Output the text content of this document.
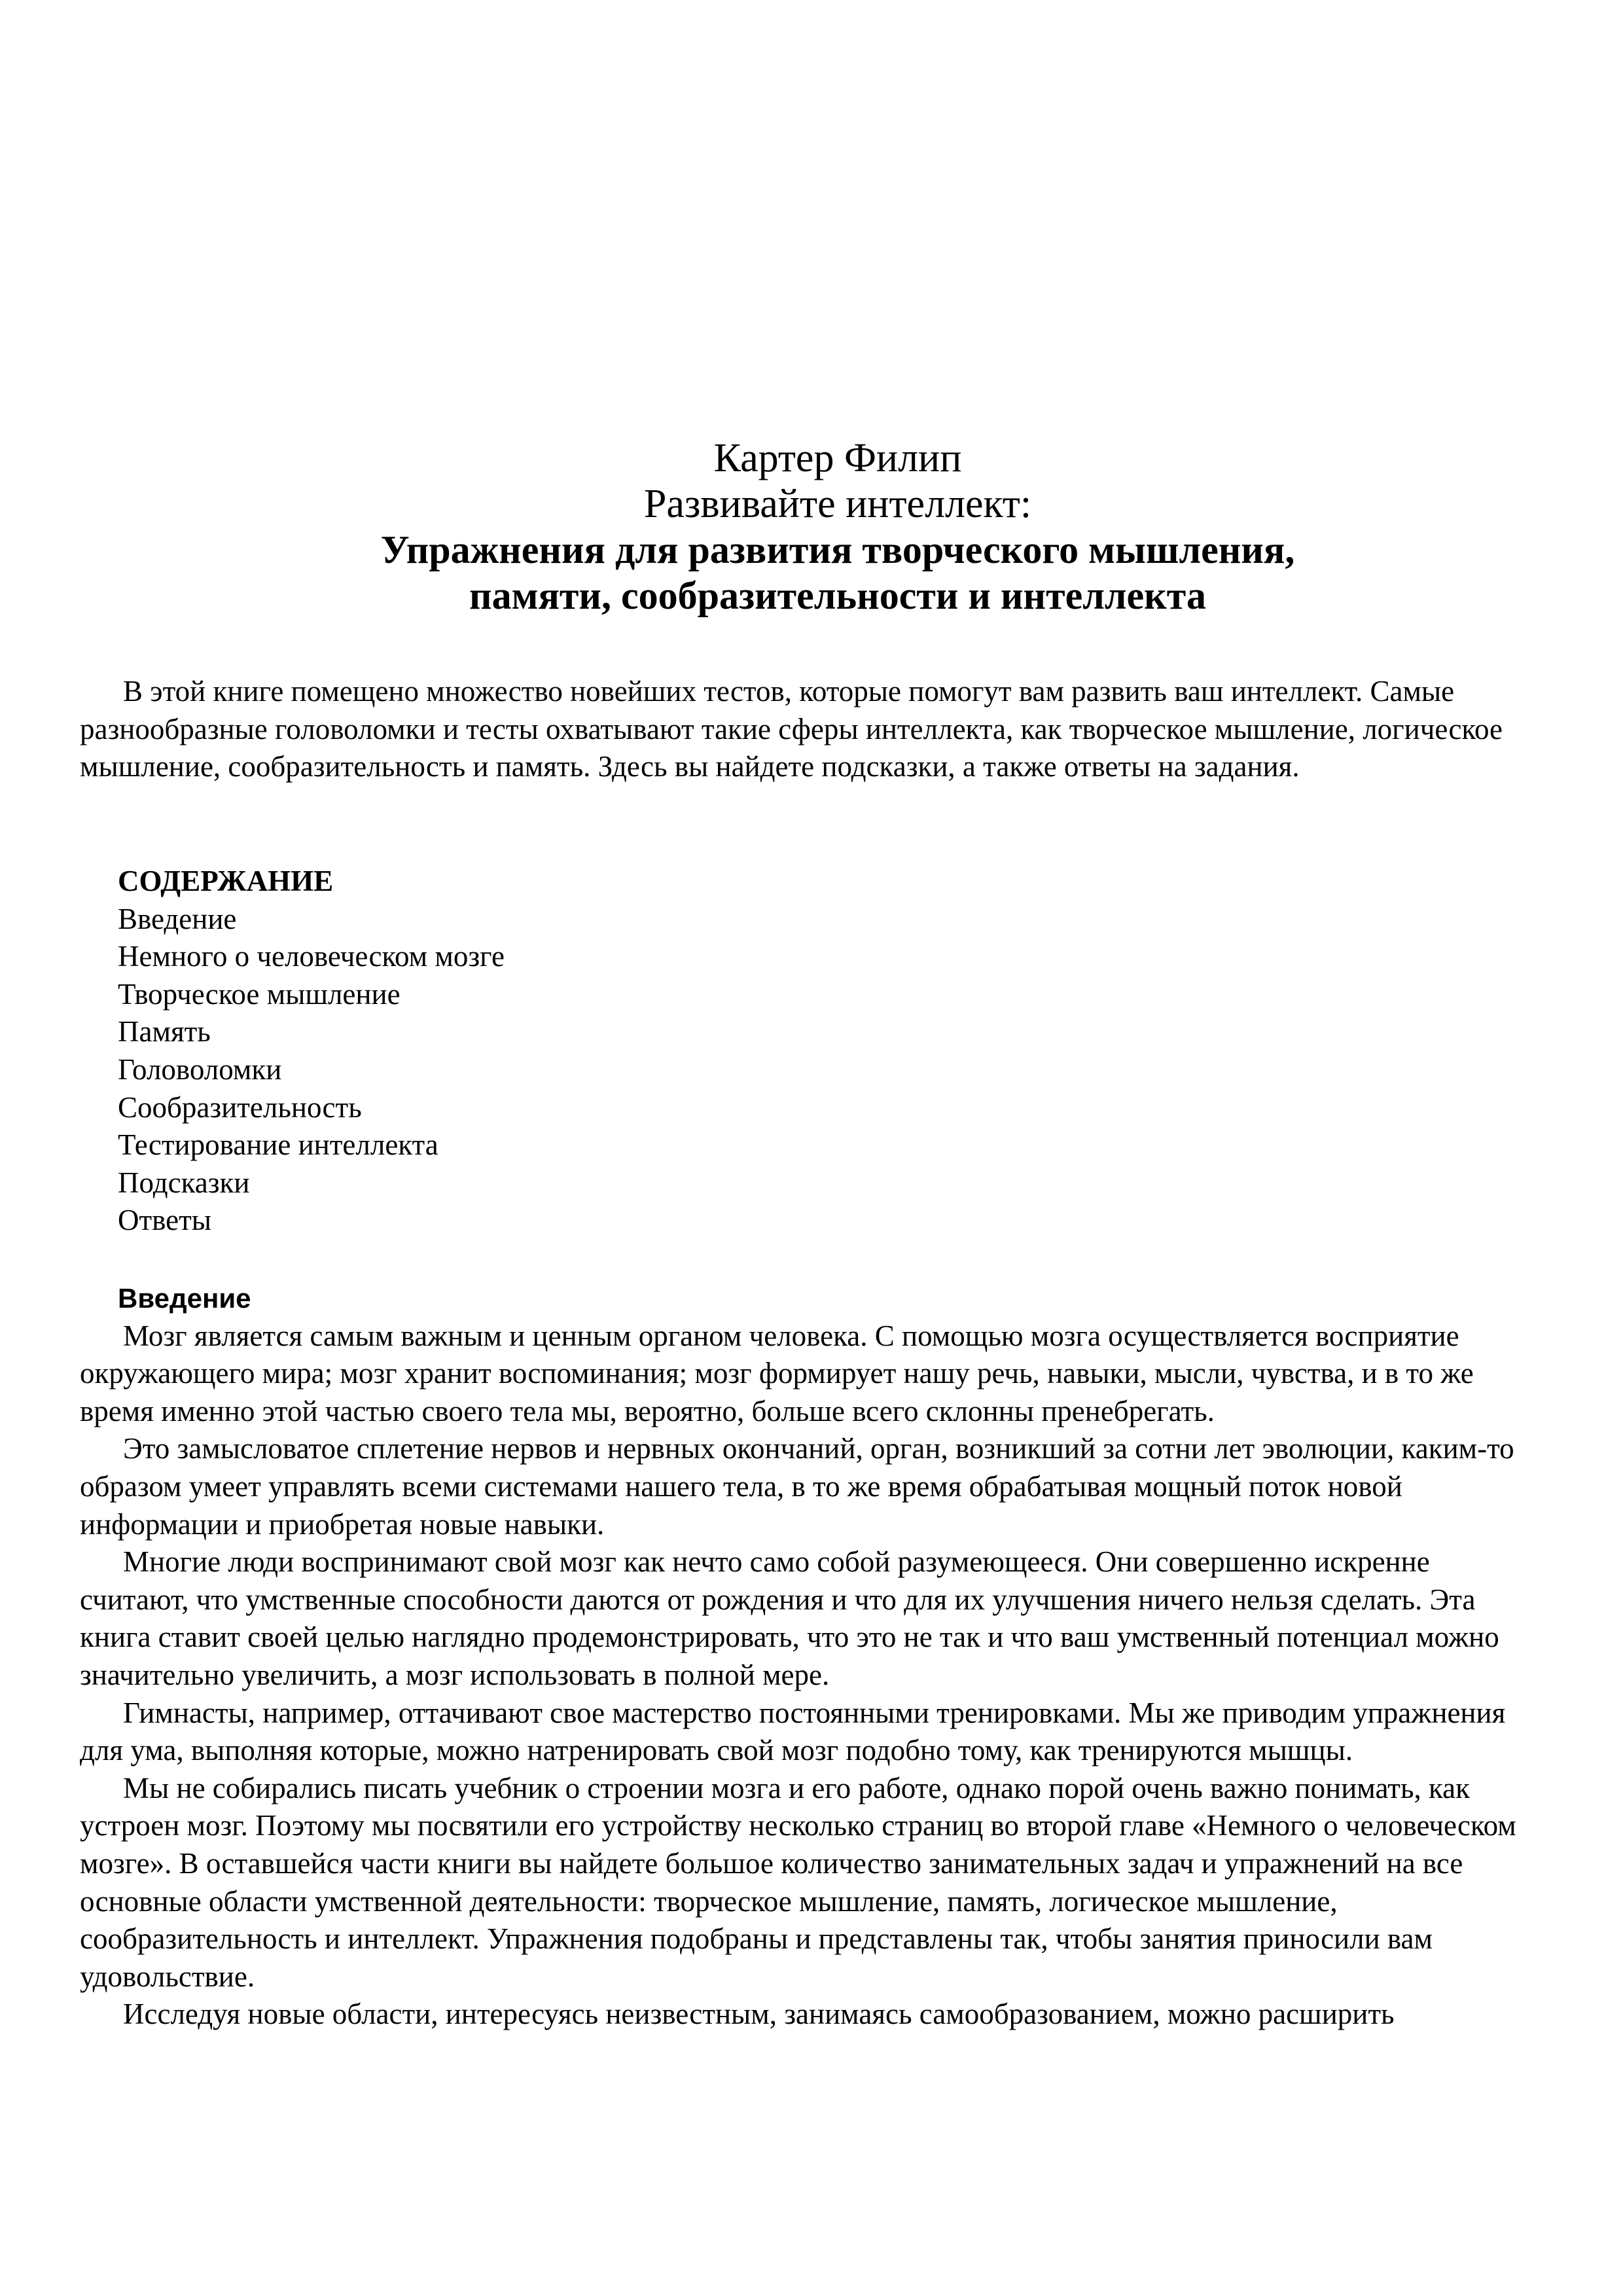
Картер Филип

Развивайте интеллект:

Упражнения для развития творческого мышления,

памяти, сообразительности и интеллекта

В этой книге помещено множество новейших тестов, которые помогут вам развить ваш интеллект. Самые разнообразные головоломки и тесты охватывают такие сферы интеллекта, как творческое мышление, логическое мышление, сообразительность и память. Здесь вы найдете подсказки, а также ответы на задания.

СОДЕРЖАНИЕ

Введение
Немного о человеческом мозге
Творческое мышление
Память
Головоломки
Сообразительность
Тестирование интеллекта
Подсказки
Ответы

Введение

Мозг является самым важным и ценным органом человека. С помощью мозга осуществляется восприятие окружающего мира; мозг хранит воспоминания; мозг формирует нашу речь, навыки, мысли, чувства, и в то же время именно этой частью своего тела мы, вероятно, больше всего склонны пренебрегать.

Это замысловатое сплетение нервов и нервных окончаний, орган, возникший за сотни лет эволюции, каким-то образом умеет управлять всеми системами нашего тела, в то же время обрабатывая мощный поток новой информации и приобретая новые навыки.

Многие люди воспринимают свой мозг как нечто само собой разумеющееся. Они совершенно искренне считают, что умственные способности даются от рождения и что для их улучшения ничего нельзя сделать. Эта книга ставит своей целью наглядно продемонстрировать, что это не так и что ваш умственный потенциал можно значительно увеличить, а мозг использовать в полной мере.

Гимнасты, например, оттачивают свое мастерство постоянными тренировками. Мы же приводим упражнения для ума, выполняя которые, можно натренировать свой мозг подобно тому, как тренируются мышцы.

Мы не собирались писать учебник о строении мозга и его работе, однако порой очень важно понимать, как устроен мозг. Поэтому мы посвятили его устройству несколько страниц во второй главе «Немного о человеческом мозге». В оставшейся части книги вы найдете большое количество занимательных задач и упражнений на все основные области умственной деятельности: творческое мышление, память, логическое мышление, сообразительность и интеллект. Упражнения подобраны и представлены так, чтобы занятия приносили вам удовольствие.

Исследуя новые области, интересуясь неизвестным, занимаясь самообразованием, можно расширить
